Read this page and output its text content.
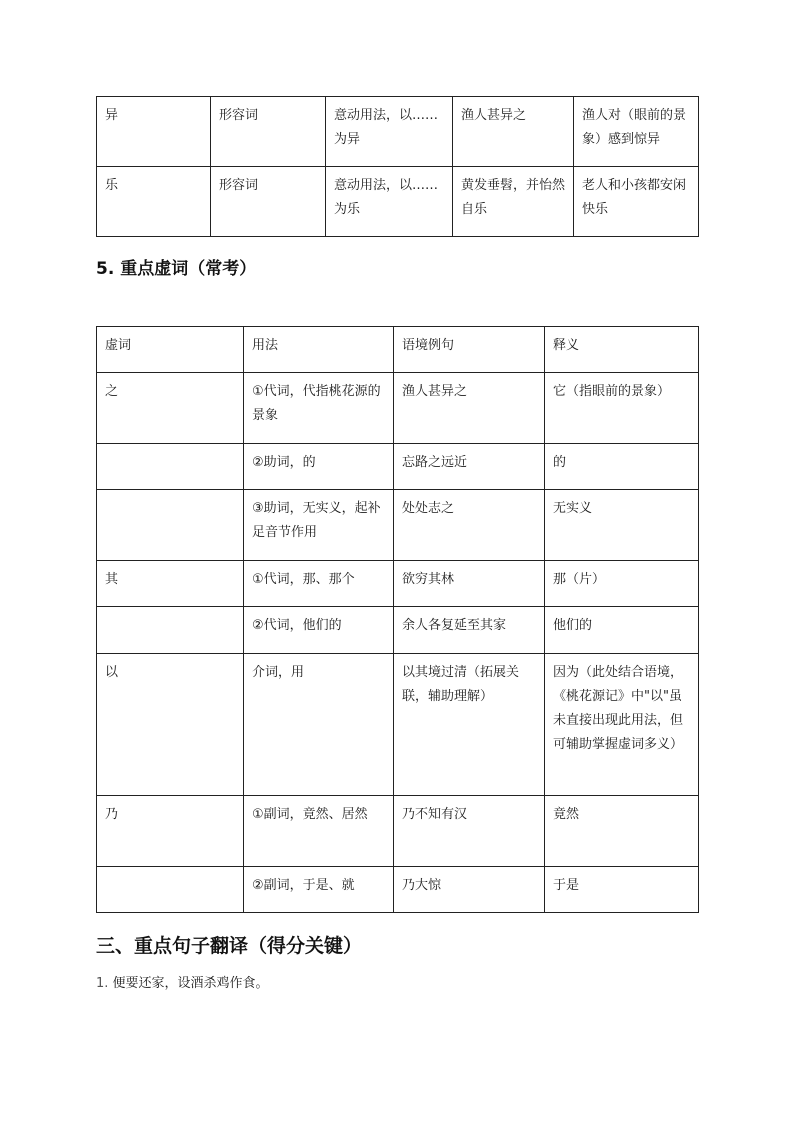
异	形容词	意动用法，以……为异	渔人甚异之	渔人对（眼前的景象）感到惊异
乐	形容词	意动用法，以……为乐	黄发垂髫，并怡然自乐	老人和小孩都安闲快乐
5. 重点虚词（常考）
虚词	用法	语境例句	释义
之	①代词，代指桃花源的景象	渔人甚异之	它（指眼前的景象）
	②助词，的	忘路之远近	的
	③助词，无实义，起补足音节作用	处处志之	无实义
其	①代词，那、那个	欲穷其林	那（片）
	②代词，他们的	余人各复延至其家	他们的
以	介词，用	以其境过清（拓展关联，辅助理解）	因为（此处结合语境，《桃花源记》中"以"虽未直接出现此用法，但可辅助掌握虚词多义）
乃	①副词，竟然、居然	乃不知有汉	竟然
	②副词，于是、就	乃大惊	于是
三、重点句子翻译（得分关键）

1. 便要还家，设酒杀鸡作食。
